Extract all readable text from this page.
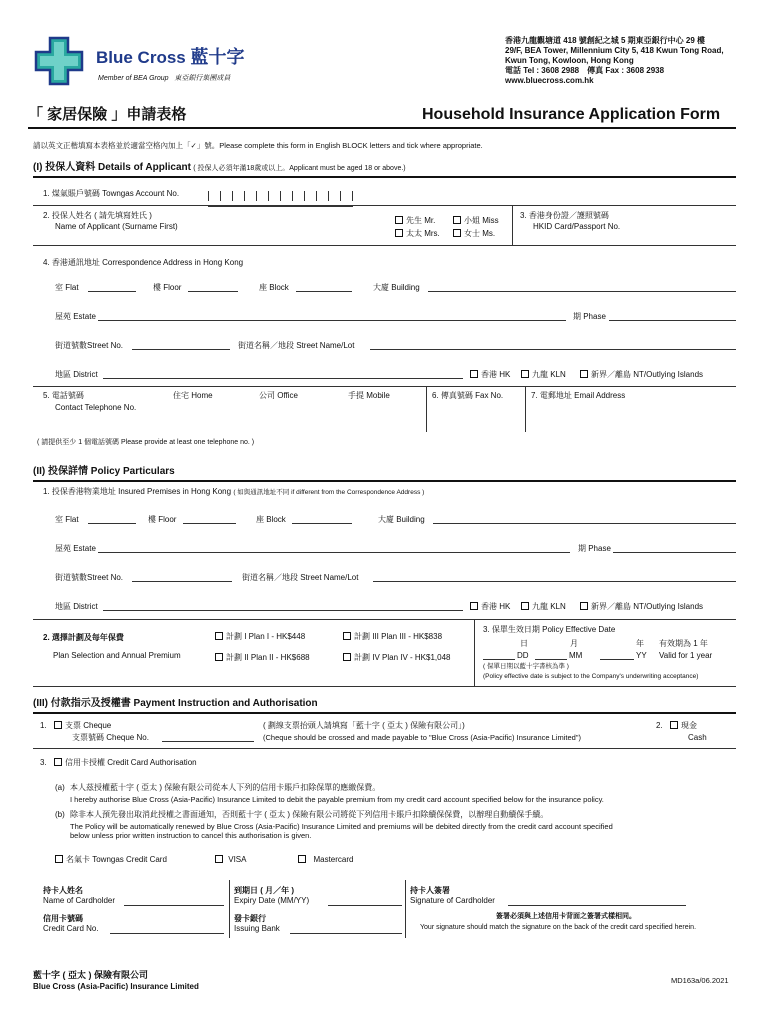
Blue Cross 藍十字
Member of BEA Group 東亞銀行集團成員
香港九龍觀塘道 418 號創紀之城 5 期東亞銀行中心 29 樓
29/F, BEA Tower, Millennium City 5, 418 Kwun Tong Road,
Kwun Tong, Kowloon, Hong Kong
電話 Tel : 3608 2988　傳真 Fax : 3608 2938
www.bluecross.com.hk
「 家居保險 」申請表格	Household Insurance Application Form
請以英文正楷填寫本表格並於適當空格內加上「✓」號。Please complete this form in English BLOCK letters and tick where appropriate.
(I) 投保人資料 Details of Applicant ( 投保人必須年滿18歲或以上。Applicant must be aged 18 or above.)
1. 煤氣賬戶號碼 Towngas Account No.
2. 投保人姓名 ( 請先填寫姓氏 )
Name of Applicant (Surname First)
先生 Mr.	小姐 Miss
太太 Mrs.	女士 Ms.
3. 香港身份證／護照號碼
HKID Card/Passport No.
4. 香港通訊地址 Correspondence Address in Hong Kong
室 Flat	樓 Floor	座 Block	大廈 Building
屋苑 Estate	期 Phase
街道號數Street No.	街道名稱／地段 Street Name/Lot
地區 District	香港 HK	九龍 KLN	新界／離島 NT/Outlying Islands
5. 電話號碼
Contact Telephone No.
住宅 Home	公司 Office	手提 Mobile	6. 傳真號碼 Fax No.	7. 電郵地址 Email Address
( 請提供至少 1 個電話號碼 Please provide at least one telephone no. )
(II) 投保詳情 Policy Particulars
1. 投保香港物業地址 Insured Premises in Hong Kong ( 如與通訊地址不同 if different from the Correspondence Address )
室 Flat	樓 Floor	座 Block	大廈 Building
屋苑 Estate	期 Phase
街道號數Street No.	街道名稱／地段 Street Name/Lot
地區 District	香港 HK	九龍 KLN	新界／離島 NT/Outlying Islands
2. 選擇計劃及每年保費
Plan Selection and Annual Premium
計劃 I Plan I - HK$448
計劃 II Plan II - HK$688
計劃 III Plan III - HK$838
計劃 IV Plan IV - HK$1,048
3. 保單生效日期 Policy Effective Date
日	月	年
DD	MM	YY
有效期為 1 年
Valid for 1 year
( 保單日期以藍十字書核為準 )
(Policy effective date is subject to the Company's underwriting acceptance)
(III) 付款指示及授權書 Payment Instruction and Authorisation
1.	支票 Cheque
支票號碼 Cheque No.
( 劃線支票抬頭人請填寫「藍十字 ( 亞太 ) 保險有限公司」)
(Cheque should be crossed and made payable to "Blue Cross (Asia-Pacific) Insurance Limited")
2.	現金
Cash
3.	信用卡授權 Credit Card Authorisation
(a) 本人茲授權藍十字 ( 亞太 ) 保險有限公司從本人下列的信用卡賬戶扣除保單的應繳保費。
I hereby authorise Blue Cross (Asia-Pacific) Insurance Limited to debit the payable premium from my credit card account specified below for the insurance policy.
(b) 除非本人預先發出取消此授權之書面通知，否則藍十字 ( 亞太 ) 保險有限公司將從下列信用卡賬戶扣除續保保費，以辦理自動續保手續。
The Policy will be automatically renewed by Blue Cross (Asia-Pacific) Insurance Limited and premiums will be debited directly from the credit card account specified
below unless prior written instruction to cancel this authorisation is given.
名氣卡 Towngas Credit Card	VISA	Mastercard
持卡人姓名
Name of Cardholder
到期日 ( 月／年 )
Expiry Date (MM/YY)
持卡人簽署
Signature of Cardholder
信用卡號碼
Credit Card No.
發卡銀行
Issuing Bank
簽署必須與上述信用卡背面之簽署式樣相同。
Your signature should match the signature on the back of the credit card specified herein.
藍十字 ( 亞太 ) 保險有限公司
Blue Cross (Asia-Pacific) Insurance Limited
MD163a/06.2021
